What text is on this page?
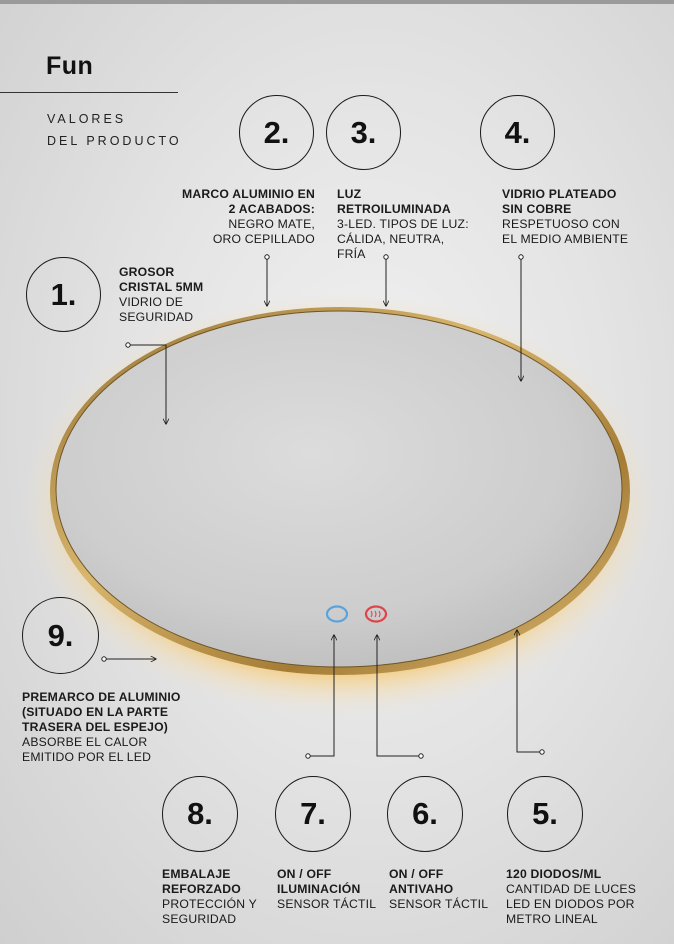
Fun
VALORES
DEL PRODUCTO
1.
2.	3.	4.
9.
8.	7.	6.	5.
GROSOR
CRISTAL 5MM
VIDRIO DE
SEGURIDAD
MARCO ALUMINIO EN
2 ACABADOS:
NEGRO MATE,
ORO CEPILLADO
LUZ
RETROILUMINADA
3-LED. TIPOS DE LUZ:
CÁLIDA, NEUTRA,
FRÍA
VIDRIO PLATEADO
SIN COBRE
RESPETUOSO CON
EL MEDIO AMBIENTE
PREMARCO DE ALUMINIO
(SITUADO EN LA PARTE
TRASERA DEL ESPEJO)
ABSORBE EL CALOR
EMITIDO POR EL LED
EMBALAJE
REFORZADO
PROTECCIÓN Y
SEGURIDAD
ON / OFF
ILUMINACIÓN
SENSOR TÁCTIL
ON / OFF
ANTIVAHO
SENSOR TÁCTIL
120 DIODOS/ML
CANTIDAD DE LUCES
LED EN DIODOS POR
METRO LINEAL
